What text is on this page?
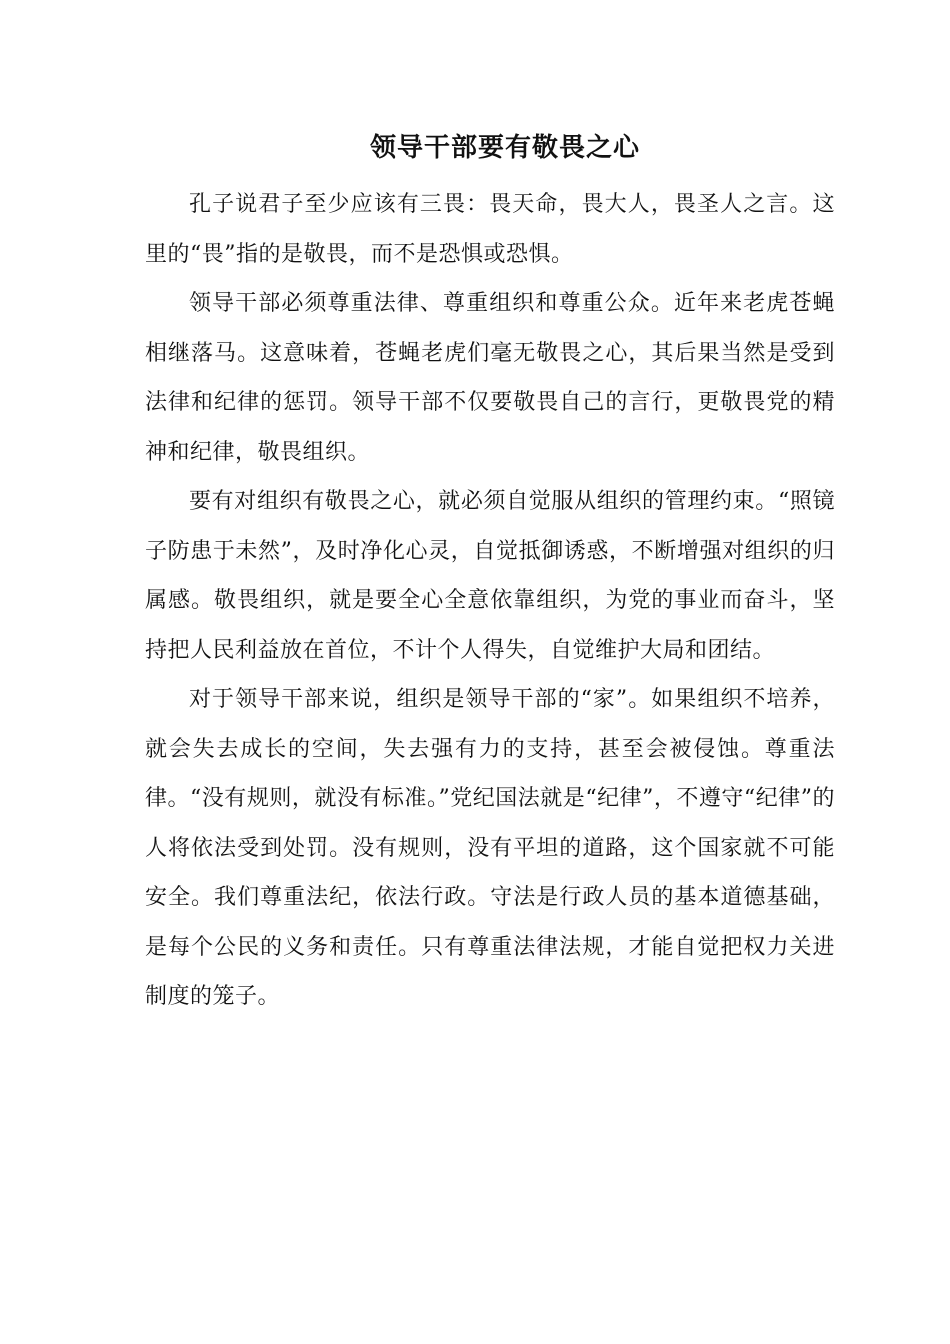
领导干部要有敬畏之心

孔子说君子至少应该有三畏：畏天命，畏大人，畏圣人之言。这里的“畏”指的是敬畏，而不是恐惧或恐惧。

领导干部必须尊重法律、尊重组织和尊重公众。近年来老虎苍蝇相继落马。这意味着，苍蝇老虎们毫无敬畏之心，其后果当然是受到法律和纪律的惩罚。领导干部不仅要敬畏自己的言行，更敬畏党的精神和纪律，敬畏组织。

要有对组织有敬畏之心，就必须自觉服从组织的管理约束。“照镜子防患于未然”，及时净化心灵，自觉抵御诱惑，不断增强对组织的归属感。敬畏组织，就是要全心全意依靠组织，为党的事业而奋斗，坚持把人民利益放在首位，不计个人得失，自觉维护大局和团结。

对于领导干部来说，组织是领导干部的“家”。如果组织不培养，就会失去成长的空间，失去强有力的支持，甚至会被侵蚀。尊重法律。“没有规则，就没有标准。”党纪国法就是“纪律”，不遵守“纪律”的人将依法受到处罚。没有规则，没有平坦的道路，这个国家就不可能安全。我们尊重法纪，依法行政。守法是行政人员的基本道德基础，是每个公民的义务和责任。只有尊重法律法规，才能自觉把权力关进制度的笼子。
